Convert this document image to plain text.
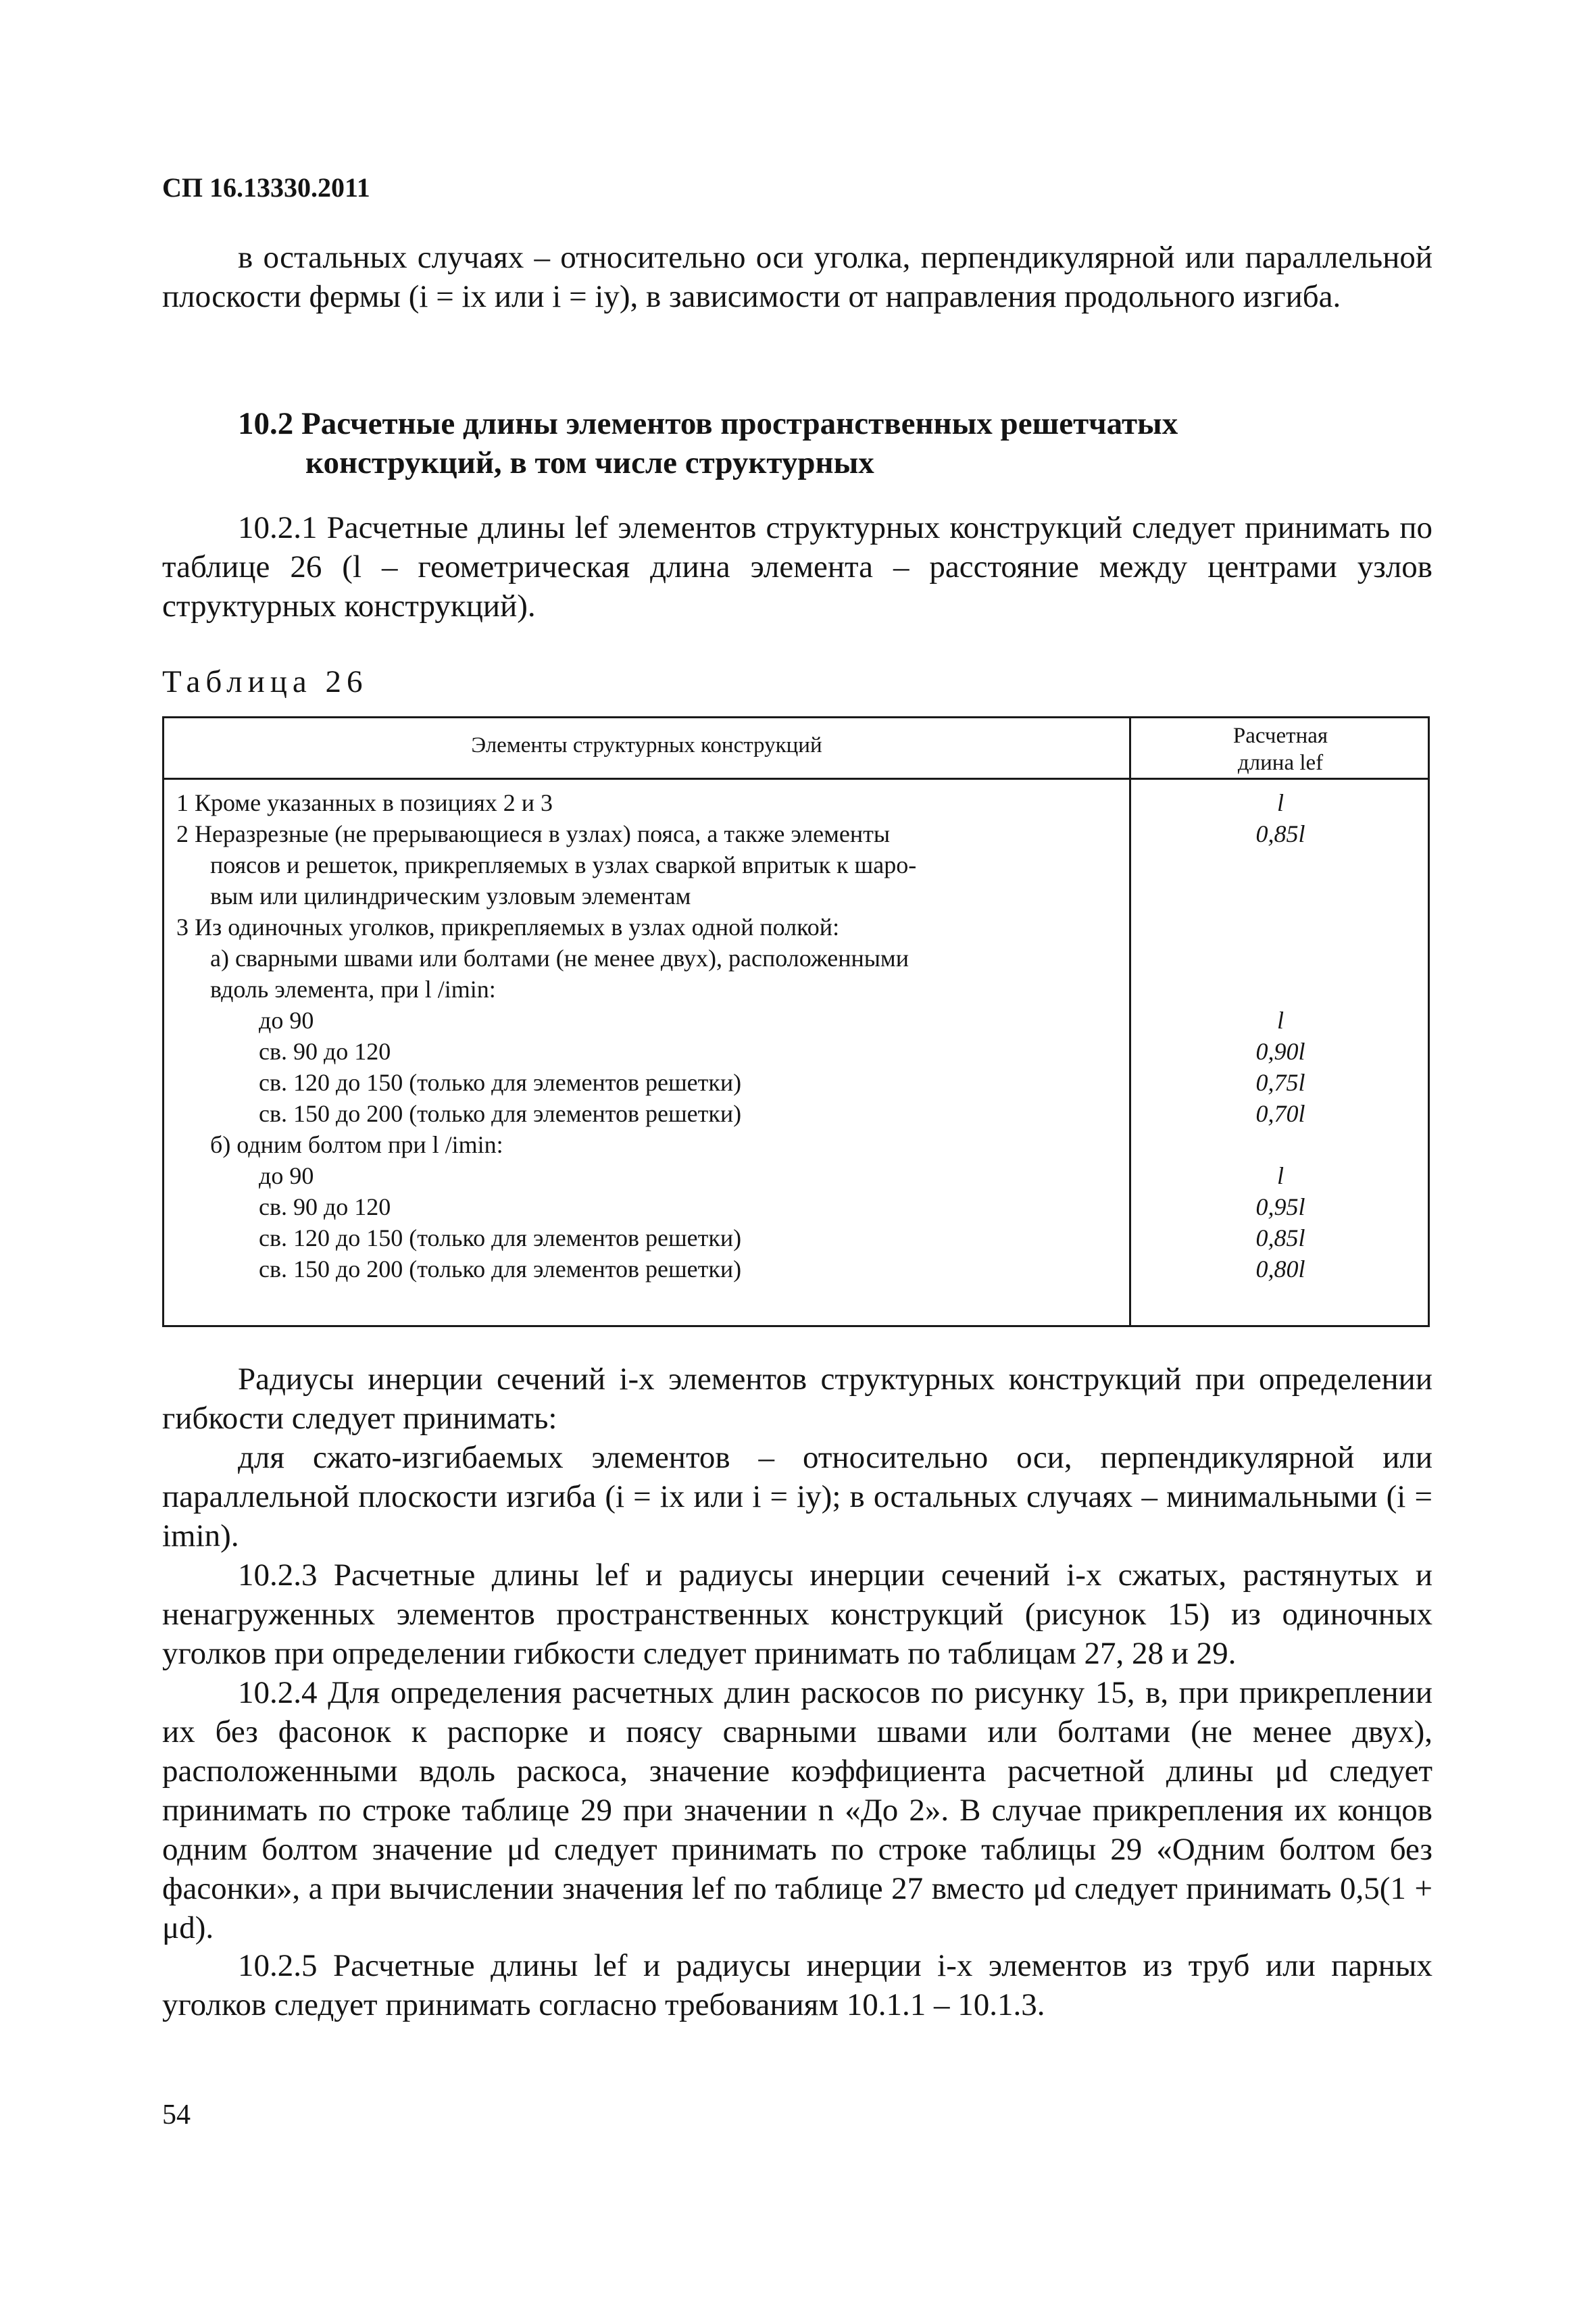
СП 16.13330.2011

в остальных случаях – относительно оси уголка, перпендикулярной или параллельной плоскости фермы (i = ix или i = iy), в зависимости от направления продольного изгиба.

10.2 Расчетные длины элементов пространственных решетчатых
конструкций, в том числе структурных

10.2.1 Расчетные длины lef элементов структурных конструкций следует принимать по таблице 26 (l – геометрическая длина элемента – расстояние между центрами узлов структурных конструкций).

Таблица 26
Элементы структурных конструкций	Расчетная
длина lef
1 Кроме указанных в позициях 2 и 3	l
2 Неразрезные (не прерывающиеся в узлах) пояса, а также элементы	0,85l
поясов и решеток, прикрепляемых в узлах сваркой впритык к шаро-
вым или цилиндрическим узловым элементам
3 Из одиночных уголков, прикрепляемых в узлах одной полкой:
а) сварными швами или болтами (не менее двух), расположенными
вдоль элемента, при l /imin:
до 90	l
св. 90 до 120	0,90l
св. 120 до 150 (только для элементов решетки)	0,75l
св. 150 до 200 (только для элементов решетки)	0,70l
б) одним болтом при l /imin:
до 90	l
св. 90 до 120	0,95l
св. 120 до 150 (только для элементов решетки)	0,85l
св. 150 до 200 (только для элементов решетки)	0,80l

Радиусы инерции сечений i-х элементов структурных конструкций при определении гибкости следует принимать:

для сжато-изгибаемых элементов – относительно оси, перпендикулярной или параллельной плоскости изгиба (i = ix или i = iy); в остальных случаях – минимальными (i = imin).

10.2.3 Расчетные длины lef и радиусы инерции сечений i-х сжатых, растянутых и ненагруженных элементов пространственных конструкций (рисунок 15) из одиночных уголков при определении гибкости следует принимать по таблицам 27, 28 и 29.

10.2.4 Для определения расчетных длин раскосов по рисунку 15, в, при прикреплении их без фасонок к распорке и поясу сварными швами или болтами (не менее двух), расположенными вдоль раскоса, значение коэффициента расчетной длины μd следует принимать по строке таблице 29 при значении n «До 2». В случае прикрепления их концов одним болтом значение μd следует принимать по строке таблицы 29 «Одним болтом без фасонки», а при вычислении значения lef по таблице 27 вместо μd следует принимать 0,5(1 + μd).

10.2.5 Расчетные длины lef и радиусы инерции i-х элементов из труб или парных уголков следует принимать согласно требованиям 10.1.1 – 10.1.3.

54
